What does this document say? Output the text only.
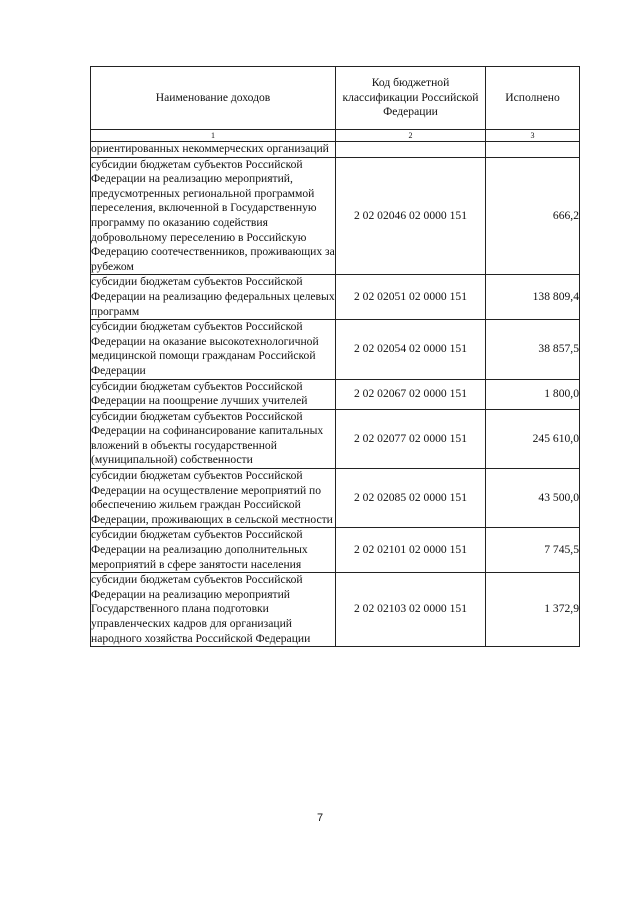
Наименование доходов	Код бюджетной классификации Российской Федерации	Исполнено
1	2	3
ориентированных некоммерческих организаций		
субсидии бюджетам субъектов Российской Федерации на реализацию мероприятий, предусмотренных региональной программой переселения, включенной в Государственную программу по оказанию содействия добровольному переселению в Российскую Федерацию соотечественников, проживающих за рубежом	2 02 02046 02 0000 151	666,2
субсидии бюджетам субъектов Российской Федерации на реализацию федеральных целевых программ	2 02 02051 02 0000 151	138 809,4
субсидии бюджетам субъектов Российской Федерации на оказание высокотехнологичной медицинской помощи гражданам Российской Федерации	2 02 02054 02 0000 151	38 857,5
субсидии бюджетам субъектов Российской Федерации на поощрение лучших учителей	2 02 02067 02 0000 151	1 800,0
субсидии бюджетам субъектов Российской Федерации на софинансирование капитальных вложений в объекты государственной (муниципальной) собственности	2 02 02077 02 0000 151	245 610,0
субсидии бюджетам субъектов Российской Федерации на осуществление мероприятий по обеспечению жильем граждан Российской Федерации, проживающих в сельской местности	2 02 02085 02 0000 151	43 500,0
субсидии бюджетам субъектов Российской Федерации на реализацию дополнительных мероприятий в сфере занятости населения	2 02 02101 02 0000 151	7 745,5
субсидии бюджетам субъектов Российской Федерации на реализацию мероприятий Государственного плана подготовки управленческих кадров для организаций народного хозяйства Российской Федерации	2 02 02103 02 0000 151	1 372,9
7
